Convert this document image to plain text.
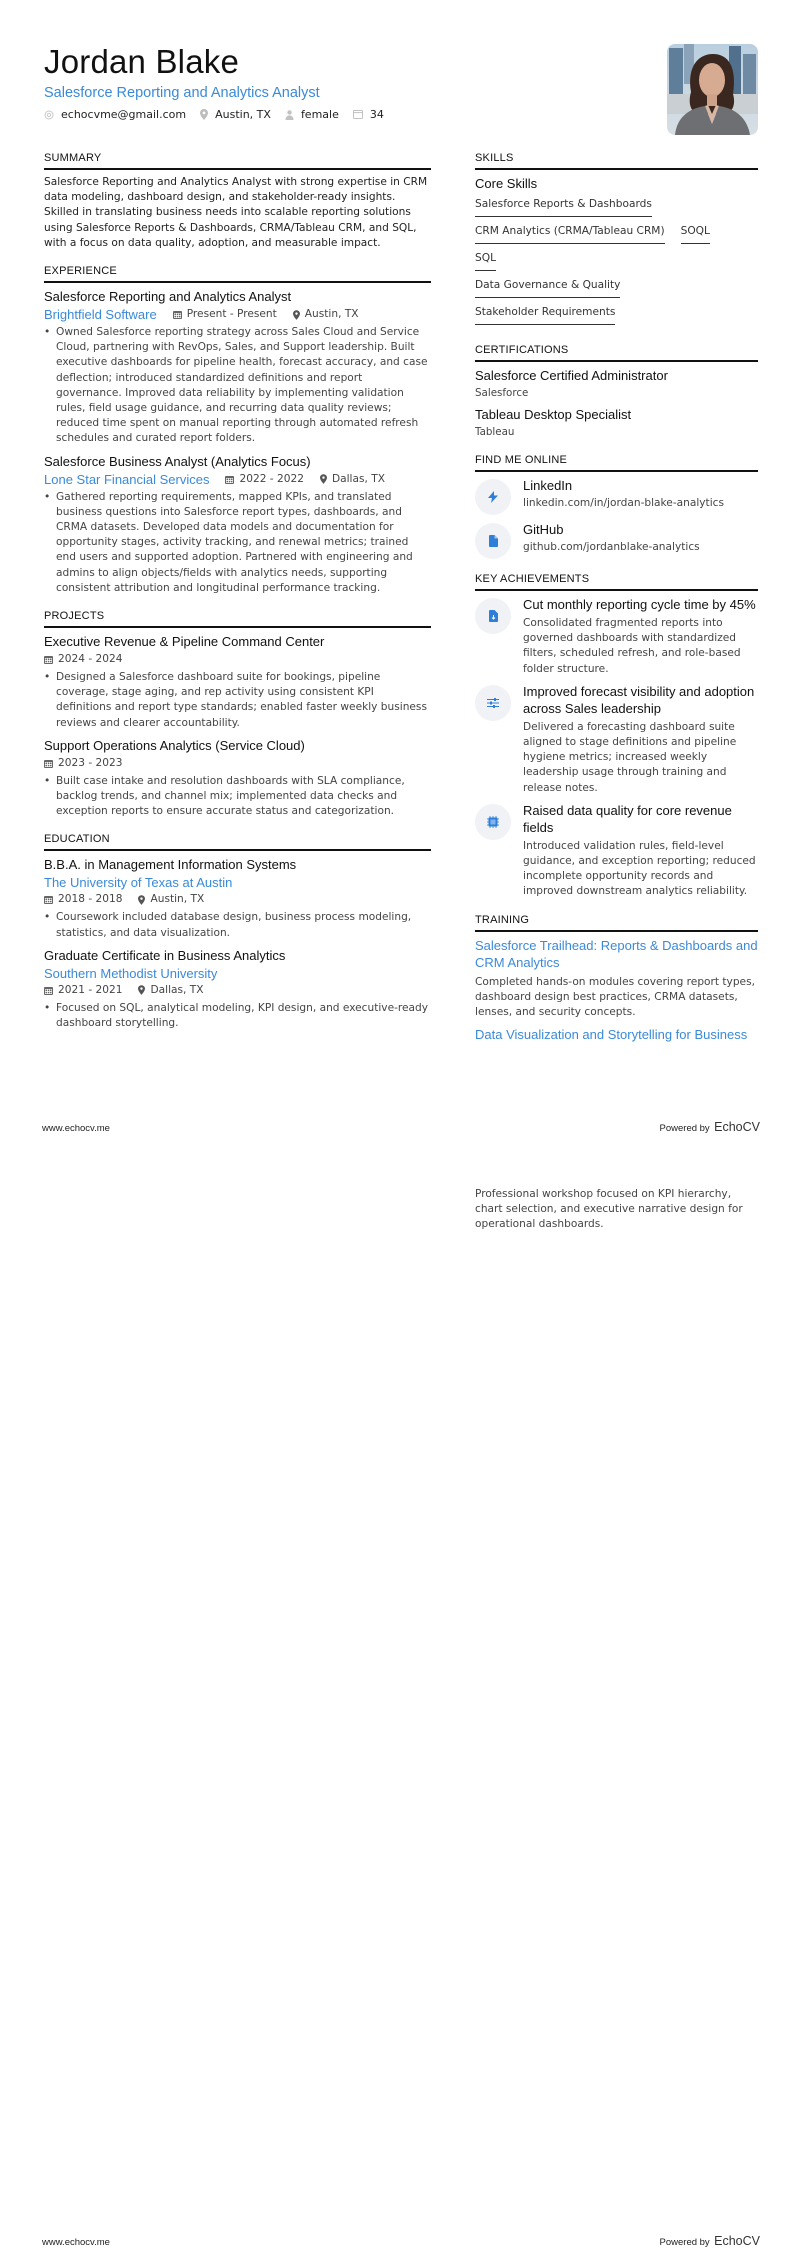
Jordan Blake
Salesforce Reporting and Analytics Analyst
echocvme@gmail.com	Austin, TX	female	34
SUMMARY

Salesforce Reporting and Analytics Analyst with strong expertise in CRM data modeling, dashboard design, and stakeholder-ready insights. Skilled in translating business needs into scalable reporting solutions using Salesforce Reports & Dashboards, CRMA/Tableau CRM, and SQL, with a focus on data quality, adoption, and measurable impact.

EXPERIENCE
Salesforce Reporting and Analytics Analyst
Brightfield Software	Present - Present	Austin, TX
• Owned Salesforce reporting strategy across Sales Cloud and Service Cloud, partnering with RevOps, Sales, and Support leadership. Built executive dashboards for pipeline health, forecast accuracy, and case deflection; introduced standardized definitions and report governance. Improved data reliability by implementing validation rules, field usage guidance, and recurring data quality reviews; reduced time spent on manual reporting through automated refresh schedules and curated report folders.
Salesforce Business Analyst (Analytics Focus)
Lone Star Financial Services	2022 - 2022	Dallas, TX
• Gathered reporting requirements, mapped KPIs, and translated business questions into Salesforce report types, dashboards, and CRMA datasets. Developed data models and documentation for opportunity stages, activity tracking, and renewal metrics; trained end users and supported adoption. Partnered with engineering and admins to align objects/fields with analytics needs, supporting consistent attribution and longitudinal performance tracking.
PROJECTS
Executive Revenue & Pipeline Command Center
2024 - 2024
• Designed a Salesforce dashboard suite for bookings, pipeline coverage, stage aging, and rep activity using consistent KPI definitions and report type standards; enabled faster weekly business reviews and clearer accountability.
Support Operations Analytics (Service Cloud)
2023 - 2023
• Built case intake and resolution dashboards with SLA compliance, backlog trends, and channel mix; implemented data checks and exception reports to ensure accurate status and categorization.
EDUCATION
B.B.A. in Management Information Systems
The University of Texas at Austin
2018 - 2018	Austin, TX
• Coursework included database design, business process modeling, statistics, and data visualization.
Graduate Certificate in Business Analytics
Southern Methodist University
2021 - 2021	Dallas, TX
• Focused on SQL, analytical modeling, KPI design, and executive-ready dashboard storytelling.
SKILLS
Core Skills
Salesforce Reports & Dashboards
CRM Analytics (CRMA/Tableau CRM) SOQL
SQL
Data Governance & Quality
Stakeholder Requirements
CERTIFICATIONS
Salesforce Certified Administrator
Salesforce
Tableau Desktop Specialist
Tableau
FIND ME ONLINE
LinkedIn
linkedin.com/in/jordan-blake-analytics
GitHub
github.com/jordanblake-analytics
KEY ACHIEVEMENTS
Cut monthly reporting cycle time by 45%
Consolidated fragmented reports into governed dashboards with standardized filters, scheduled refresh, and role-based folder structure.
Improved forecast visibility and adoption across Sales leadership
Delivered a forecasting dashboard suite aligned to stage definitions and pipeline hygiene metrics; increased weekly leadership usage through training and release notes.
Raised data quality for core revenue fields
Introduced validation rules, field-level guidance, and exception reporting; reduced incomplete opportunity records and improved downstream analytics reliability.
TRAINING
Salesforce Trailhead: Reports & Dashboards and CRM Analytics
Completed hands-on modules covering report types, dashboard design best practices, CRMA datasets, lenses, and security concepts.
Data Visualization and Storytelling for Business
www.echocv.me	Powered by EchoCV
Professional workshop focused on KPI hierarchy, chart selection, and executive narrative design for operational dashboards.
www.echocv.me	Powered by EchoCV
